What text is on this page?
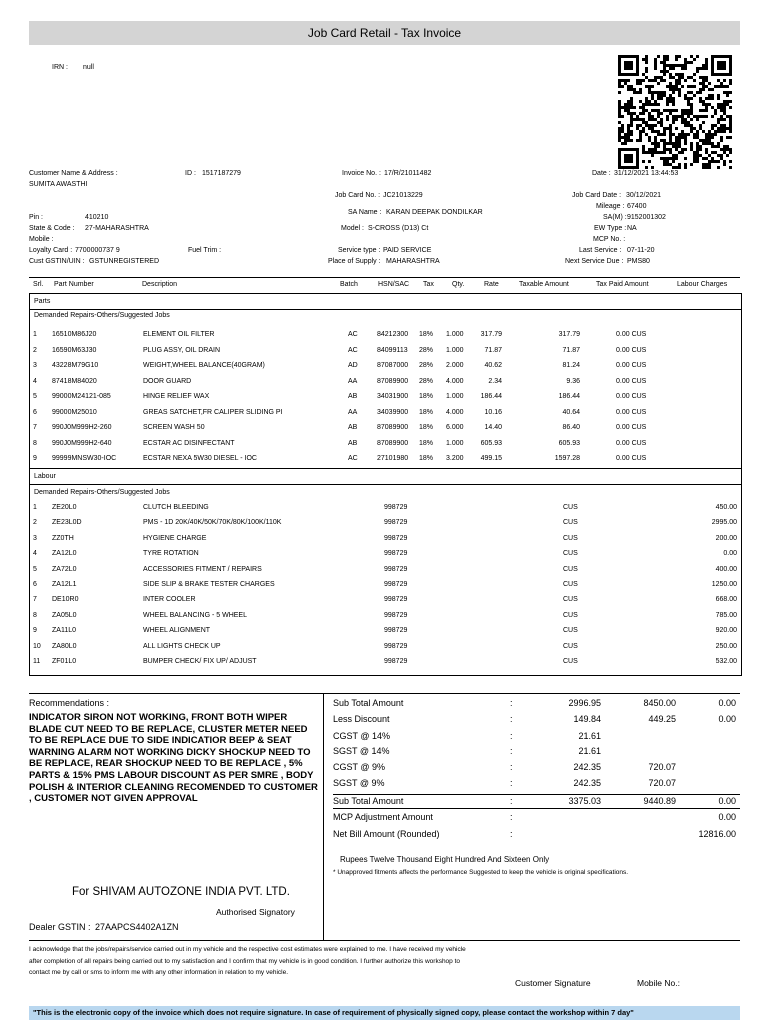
Job Card Retail - Tax Invoice
IRN : null
Customer Name & Address :
SUMITA AWASTHI
ID : 1517187279	Invoice No. : 17/R/21011482
Job Card No. : JC21013229
SA Name : KARAN DEEPAK DONDILKAR
Model : S-CROSS (D13) Ct
Service type : PAID SERVICE
Place of Supply : MAHARASHTRA
Date : 31/12/2021 13:44:53
Job Card Date : 30/12/2021
Mileage : 67400
SA(M) : 9152001302
EW Type : NA
MCP No. :
Last Service : 07-11-20
Next Service Due : PMS80
Pin :	410210
State & Code : 27-MAHARASHTRA
Mobile :
Loyalty Card : 7700000737 9	Fuel Trim :
Cust GSTIN/UIN : GSTUNREGISTERED
Srl. Part Number	Description	Batch	HSN/SAC Tax	Qty.	Rate	Taxable Amount	Tax Paid Amount	Labour Charges
Parts
Demanded Repairs-Others/Suggested Jobs
1 16510M86J20	ELEMENT OIL FILTER	AC	84212300 18% 1.000	317.79	317.79	0.00 CUS
2 16590M63J30	PLUG ASSY, OIL DRAIN	AC	84099113 28% 1.000	71.87	71.87	0.00 CUS
3 43228M79G10	WEIGHT,WHEEL BALANCE(40GRAM)	AD	87087000 28% 2.000	40.62	81.24	0.00 CUS
4 87418M84020	DOOR GUARD	AA	87089900 28% 4.000	2.34	9.36	0.00 CUS
5 99000M24121-085	HINGE RELIEF WAX	AB	34031900 18% 1.000	186.44	186.44	0.00 CUS
6 99000M25010	GREAS SATCHET,FR CALIPER SLIDING PI	AA	34039900 18% 4.000	10.16	40.64	0.00 CUS
7 990J0M999H2-260	SCREEN WASH 50	AB	87089900 18% 6.000	14.40	86.40	0.00 CUS
8 990J0M999H2-640	ECSTAR AC DISINFECTANT	AB	87089900 18% 1.000	605.93	605.93	0.00 CUS
9 99999MNSW30-IOC	ECSTAR NEXA 5W30 DIESEL - IOC	AC	27101980 18% 3.200	499.15	1597.28	0.00 CUS
Labour
Demanded Repairs-Others/Suggested Jobs
1 ZE20L0	CLUTCH BLEEDING	998729	CUS	450.00
2 ZE23L0D	PMS - 1D 20K/40K/50K/70K/80K/100K/110K	998729	CUS	2995.00
3 ZZ0TH	HYGIENE CHARGE	998729	CUS	200.00
4 ZA12L0	TYRE ROTATION	998729	CUS	0.00
5 ZA72L0	ACCESSORIES FITMENT / REPAIRS	998729	CUS	400.00
6 ZA12L1	SIDE SLIP & BRAKE TESTER CHARGES	998729	CUS	1250.00
7 DE10R0	INTER COOLER	998729	CUS	668.00
8 ZA05L0	WHEEL BALANCING - 5 WHEEL	998729	CUS	785.00
9 ZA11L0	WHEEL ALIGNMENT	998729	CUS	920.00
10 ZA80L0	ALL LIGHTS CHECK UP	998729	CUS	250.00
11 ZF01L0	BUMPER CHECK/ FIX UP/ ADJUST	998729	CUS	532.00
Recommendations :
INDICATOR SIRON NOT WORKING, FRONT BOTH WIPER BLADE CUT NEED TO BE REPLACE, CLUSTER METER NEED TO BE REPLACE DUE TO SIDE INDICATIOR BEEP & SEAT WARNING ALARM NOT WORKING DICKY SHOCKUP NEED TO BE REPLACE, REAR SHOCKUP NEED TO BE REPLACE , 5% PARTS & 15% PMS LABOUR DISCOUNT AS PER SMRE , BODY POLISH & INTERIOR CLEANING RECOMENDED TO CUSTOMER , CUSTOMER NOT GIVEN APPROVAL
Sub Total Amount	:	2996.95	8450.00	0.00
Less Discount	:	149.84	449.25	0.00
CGST @ 14%	:	21.61
SGST @ 14%	:	21.61
CGST @ 9%	:	242.35	720.07
SGST @ 9%	:	242.35	720.07
Sub Total Amount	:	3375.03	9440.89	0.00
MCP Adjustment Amount	:	0.00
Net Bill Amount (Rounded)	:	12816.00
Rupees Twelve Thousand Eight Hundred And Sixteen Only
* Unapproved fitments affects the performance Suggested to keep the vehicle is original specifications.
For SHIVAM AUTOZONE INDIA PVT. LTD.
Authorised Signatory
Dealer GSTIN : 27AAPCS4402A1ZN
I acknowledge that the jobs/repairs/service carried out in my vehicle and the respective cost estimates were explained to me. I have received my vehicle after completion of all repairs being carried out to my satisfaction and I confirm that my vehicle is in good condition. I further authorize this workshop to contact me by call or sms to inform me with any other information in relation to my vehicle.
Customer Signature	Mobile No.:
"This is the electronic copy of the invoice which does not require signature. In case of requirement of physically signed copy, please contact the workshop within 7 day"
